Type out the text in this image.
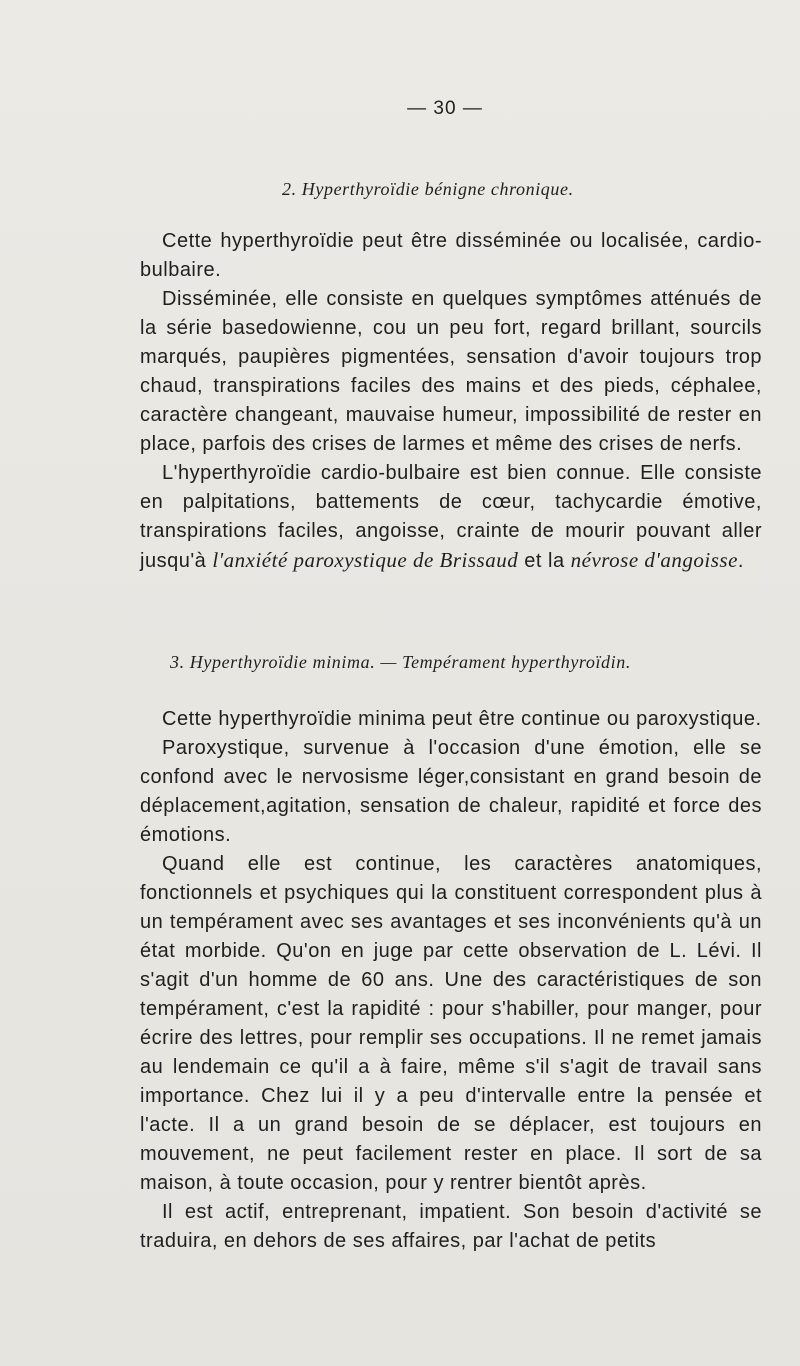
— 30 —
2. Hyperthyroïdie bénigne chronique.

Cette hyperthyroïdie peut être disséminée ou localisée, cardio-bulbaire.

Disséminée, elle consiste en quelques symptômes atténués de la série basedowienne, cou un peu fort, regard brillant, sourcils marqués, paupières pigmentées, sensation d'avoir toujours trop chaud, transpirations faciles des mains et des pieds, céphalee, caractère changeant, mauvaise humeur, impossibilité de rester en place, parfois des crises de larmes et même des crises de nerfs.

L'hyperthyroïdie cardio-bulbaire est bien connue. Elle consiste en palpitations, battements de cœur, tachycardie émotive, transpirations faciles, angoisse, crainte de mourir pouvant aller jusqu'à l'anxiété paroxystique de Brissaud et la névrose d'angoisse.

3. Hyperthyroïdie minima. — Tempérament hyperthyroïdin.

Cette hyperthyroïdie minima peut être continue ou paroxystique.

Paroxystique, survenue à l'occasion d'une émotion, elle se confond avec le nervosisme léger,consistant en grand besoin de déplacement,agitation, sensation de chaleur, rapidité et force des émotions.

Quand elle est continue, les caractères anatomiques, fonctionnels et psychiques qui la constituent correspondent plus à un tempérament avec ses avantages et ses inconvénients qu'à un état morbide. Qu'on en juge par cette observation de L. Lévi. Il s'agit d'un homme de 60 ans. Une des caractéristiques de son tempérament, c'est la rapidité : pour s'habiller, pour manger, pour écrire des lettres, pour remplir ses occupations. Il ne remet jamais au lendemain ce qu'il a à faire, même s'il s'agit de travail sans importance. Chez lui il y a peu d'intervalle entre la pensée et l'acte. Il a un grand besoin de se déplacer, est toujours en mouvement, ne peut facilement rester en place. Il sort de sa maison, à toute occasion, pour y rentrer bientôt après.

Il est actif, entreprenant, impatient. Son besoin d'activité se traduira, en dehors de ses affaires, par l'achat de petits
